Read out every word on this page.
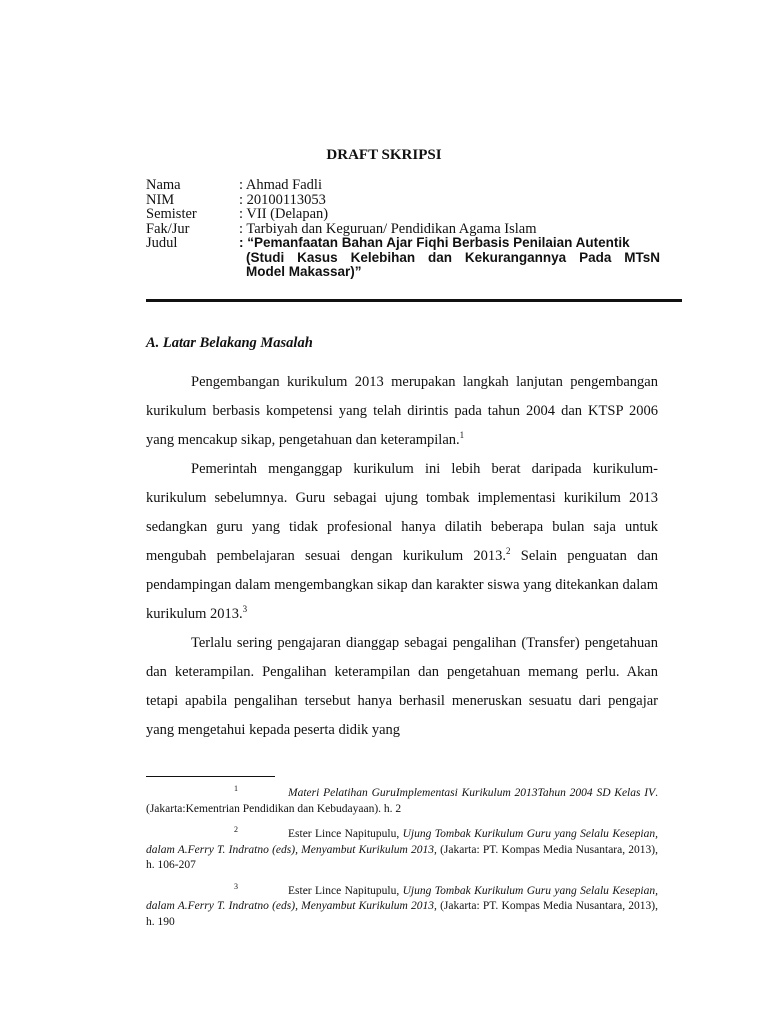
DRAFT SKRIPSI
Nama	: Ahmad Fadli
NIM	: 20100113053
Semister	: VII (Delapan)
Fak/Jur	: Tarbiyah dan Keguruan/ Pendidikan Agama Islam
Judul	: “Pemanfaatan Bahan Ajar Fiqhi Berbasis Penilaian Autentik
(Studi Kasus Kelebihan dan Kekurangannya Pada MTsN
Model Makassar)”
A. Latar Belakang Masalah

Pengembangan kurikulum 2013 merupakan langkah lanjutan pengembangan kurikulum berbasis kompetensi yang telah dirintis pada tahun 2004 dan KTSP 2006 yang mencakup sikap, pengetahuan dan keterampilan.$^1$

Pemerintah menganggap kurikulum ini lebih berat daripada kurikulum-kurikulum sebelumnya. Guru sebagai ujung tombak implementasi kurikilum 2013 sedangkan guru yang tidak profesional hanya dilatih beberapa bulan saja untuk mengubah pembelajaran sesuai dengan kurikulum 2013.$^2$ Selain penguatan dan pendampingan dalam mengembangkan sikap dan karakter siswa yang ditekankan dalam kurikulum 2013.$^3$

Terlalu sering pengajaran dianggap sebagai pengalihan (Transfer) pengetahuan dan keterampilan. Pengalihan keterampilan dan pengetahuan memang perlu. Akan tetapi apabila pengalihan tersebut hanya berhasil meneruskan sesuatu dari pengajar yang mengetahui kepada peserta didik yang

1	Materi Pelatihan GuruImplementasi Kurikulum 2013Tahun 2004 SD Kelas IV. (Jakarta:Kementrian Pendidikan dan Kebudayaan). h. 2
2	Ester Lince Napitupulu, Ujung Tombak Kurikulum Guru yang Selalu Kesepian, dalam A.Ferry T. Indratno (eds), Menyambut Kurikulum 2013, (Jakarta: PT. Kompas Media Nusantara, 2013), h. 106-207
3	Ester Lince Napitupulu, Ujung Tombak Kurikulum Guru yang Selalu Kesepian, dalam A.Ferry T. Indratno (eds), Menyambut Kurikulum 2013, (Jakarta: PT. Kompas Media Nusantara, 2013), h. 190
